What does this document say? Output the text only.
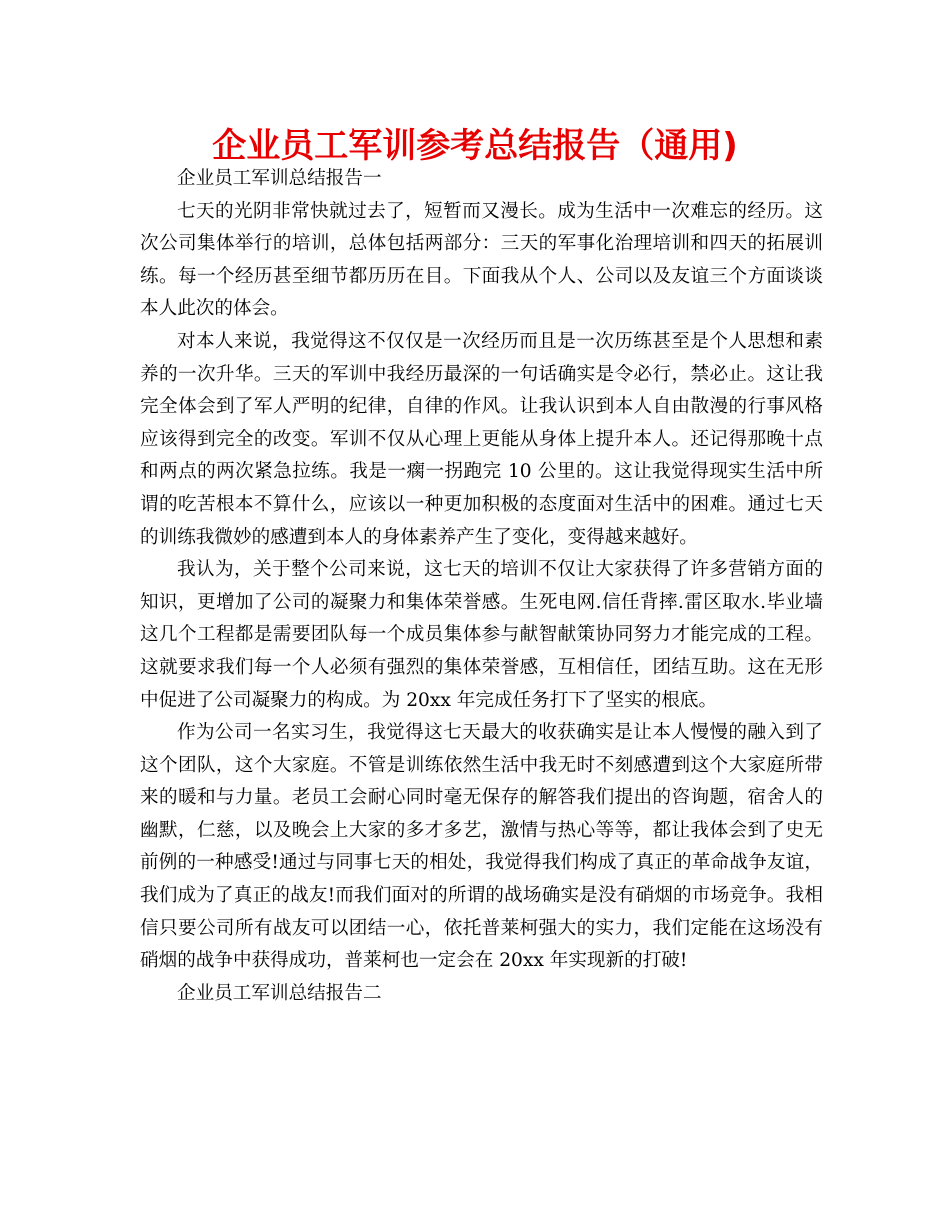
企业员工军训参考总结报告（通用)

企业员工军训总结报告一

七天的光阴非常快就过去了，短暂而又漫长。成为生活中一次难忘的经历。这次公司集体举行的培训，总体包括两部分：三天的军事化治理培训和四天的拓展训练。每一个经历甚至细节都历历在目。下面我从个人、公司以及友谊三个方面谈谈本人此次的体会。

对本人来说，我觉得这不仅仅是一次经历而且是一次历练甚至是个人思想和素养的一次升华。三天的军训中我经历最深的一句话确实是令必行，禁必止。这让我完全体会到了军人严明的纪律，自律的作风。让我认识到本人自由散漫的行事风格应该得到完全的改变。军训不仅从心理上更能从身体上提升本人。还记得那晚十点和两点的两次紧急拉练。我是一瘸一拐跑完 10 公里的。这让我觉得现实生活中所谓的吃苦根本不算什么，应该以一种更加积极的态度面对生活中的困难。通过七天的训练我微妙的感遭到本人的身体素养产生了变化，变得越来越好。

我认为，关于整个公司来说，这七天的培训不仅让大家获得了许多营销方面的知识，更增加了公司的凝聚力和集体荣誉感。生死电网.信任背摔.雷区取水.毕业墙这几个工程都是需要团队每一个成员集体参与献智献策协同努力才能完成的工程。这就要求我们每一个人必须有强烈的集体荣誉感，互相信任，团结互助。这在无形中促进了公司凝聚力的构成。为 20xx 年完成任务打下了坚实的根底。

作为公司一名实习生，我觉得这七天最大的收获确实是让本人慢慢的融入到了这个团队，这个大家庭。不管是训练依然生活中我无时不刻感遭到这个大家庭所带来的暖和与力量。老员工会耐心同时毫无保存的解答我们提出的咨询题，宿舍人的幽默，仁慈，以及晚会上大家的多才多艺，激情与热心等等，都让我体会到了史无前例的一种感受!通过与同事七天的相处，我觉得我们构成了真正的革命战争友谊，我们成为了真正的战友!而我们面对的所谓的战场确实是没有硝烟的市场竞争。我相信只要公司所有战友可以团结一心，依托普莱柯强大的实力，我们定能在这场没有硝烟的战争中获得成功，普莱柯也一定会在 20xx 年实现新的打破!

企业员工军训总结报告二
